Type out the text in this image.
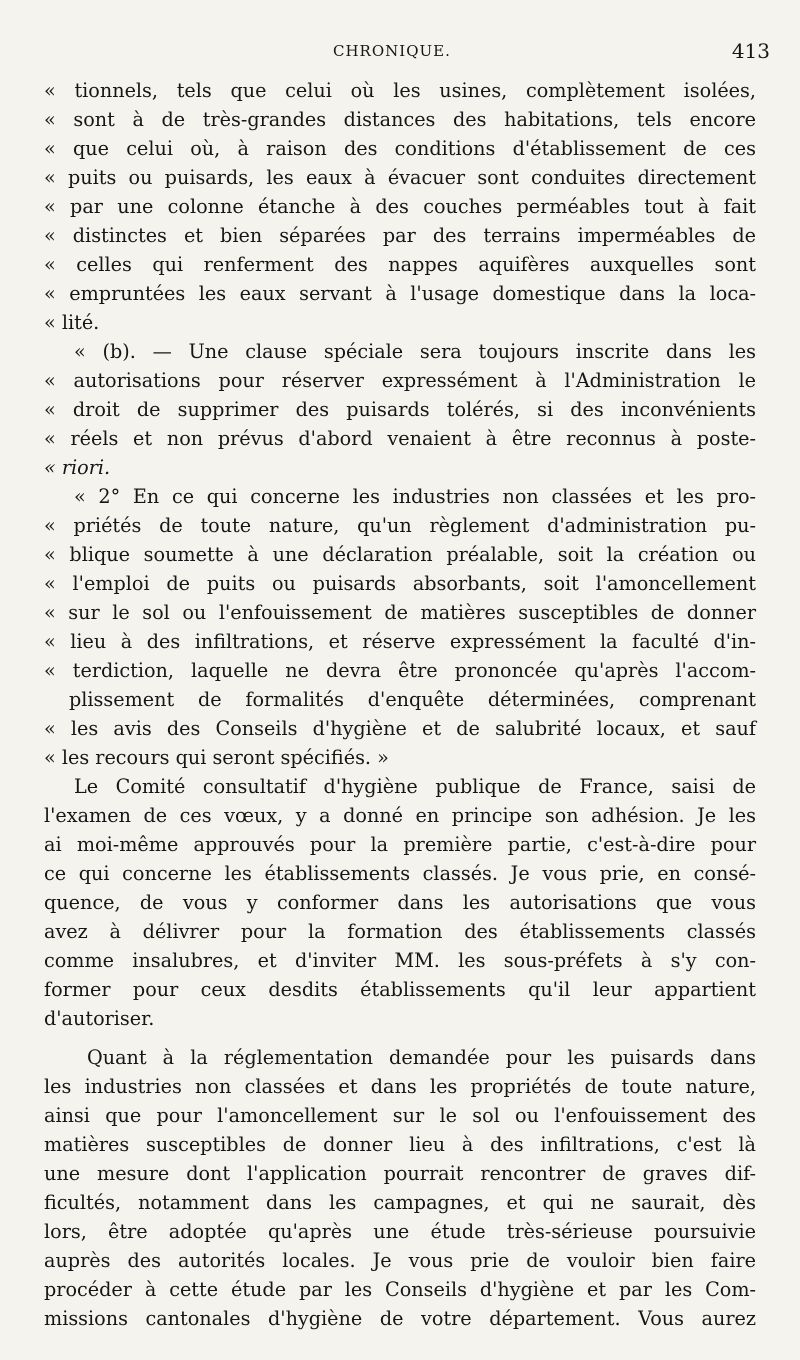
CHRONIQUE.	413
« tionnels, tels que celui où les usines, complètement isolées,
« sont à de très-grandes distances des habitations, tels encore
« que celui où, à raison des conditions d'établissement de ces
« puits ou puisards, les eaux à évacuer sont conduites directement
« par une colonne étanche à des couches perméables tout à fait
« distinctes et bien séparées par des terrains imperméables de
« celles qui renferment des nappes aquifères auxquelles sont
« empruntées les eaux servant à l'usage domestique dans la loca-
« lité.
« (b). — Une clause spéciale sera toujours inscrite dans les
« autorisations pour réserver expressément à l'Administration le
« droit de supprimer des puisards tolérés, si des inconvénients
« réels et non prévus d'abord venaient à être reconnus à poste-
« riori.
« 2° En ce qui concerne les industries non classées et les pro-
« priétés de toute nature, qu'un règlement d'administration pu-
« blique soumette à une déclaration préalable, soit la création ou
« l'emploi de puits ou puisards absorbants, soit l'amoncellement
« sur le sol ou l'enfouissement de matières susceptibles de donner
« lieu à des infiltrations, et réserve expressément la faculté d'in-
« terdiction, laquelle ne devra être prononcée qu'après l'accom-
plissement de formalités d'enquête déterminées, comprenant
« les avis des Conseils d'hygiène et de salubrité locaux, et sauf
« les recours qui seront spécifiés. »
Le Comité consultatif d'hygiène publique de France, saisi de
l'examen de ces vœux, y a donné en principe son adhésion. Je les
ai moi-même approuvés pour la première partie, c'est-à-dire pour
ce qui concerne les établissements classés. Je vous prie, en consé-
quence, de vous y conformer dans les autorisations que vous
avez à délivrer pour la formation des établissements classés
comme insalubres, et d'inviter MM. les sous-préfets à s'y con-
former pour ceux desdits établissements qu'il leur appartient
d'autoriser.
Quant à la réglementation demandée pour les puisards dans
les industries non classées et dans les propriétés de toute nature,
ainsi que pour l'amoncellement sur le sol ou l'enfouissement des
matières susceptibles de donner lieu à des infiltrations, c'est là
une mesure dont l'application pourrait rencontrer de graves dif-
ficultés, notamment dans les campagnes, et qui ne saurait, dès
lors, être adoptée qu'après une étude très-sérieuse poursuivie
auprès des autorités locales. Je vous prie de vouloir bien faire
procéder à cette étude par les Conseils d'hygiène et par les Com-
missions cantonales d'hygiène de votre département. Vous aurez
